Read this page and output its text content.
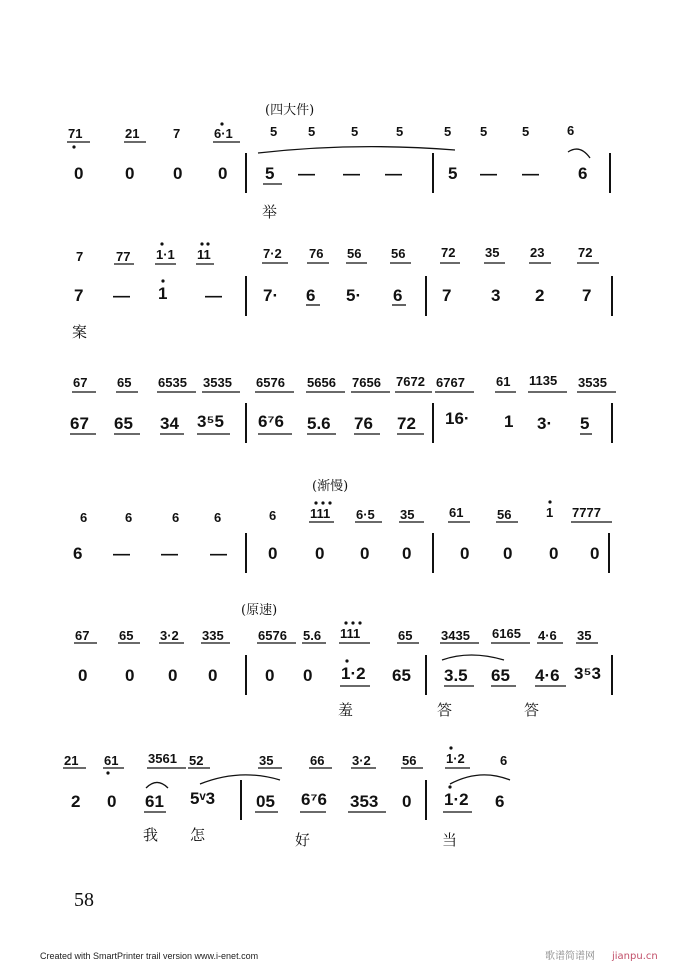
(四大件)
7​1	21	7	6·1	5 5	5	5	5 5	5	6
0 0 0 0 5 — — —	5 — — 6
举
7	77 1·1 11	7·2 76 56 56	72 35 23	72
7 — 1 — 7· 6 5· 6 7 3 2 7
案
67 65 6535 3535 6576 5656 7656 7672 6767 61 1135 3535
67 65 34 3⁵5 6⁷6 5.6 76 72 16· 1 3· 5
(渐慢)
6	6	6	6	6	111 6·5 35	61	56	1 7777
6 — — — 0 0 0 0	0 0 0 0
(原速)
67 65 3·2 335	6576 5.6 111	65 3435 6165 4·6 35
0 0 0 0	0 0 1·2 65 3.5 65 4·6 3⁵3
羞	答	答
21 61 3561 52	35	66 3·2 56 1·2	6
2 0 61 5ᵛ3 05 6⁷6 353 0 1·2 6
我 怎	好	当
58
Created with SmartPrinter trail version www.i-enet.com	歌谱简谱网 jianpu.cn
